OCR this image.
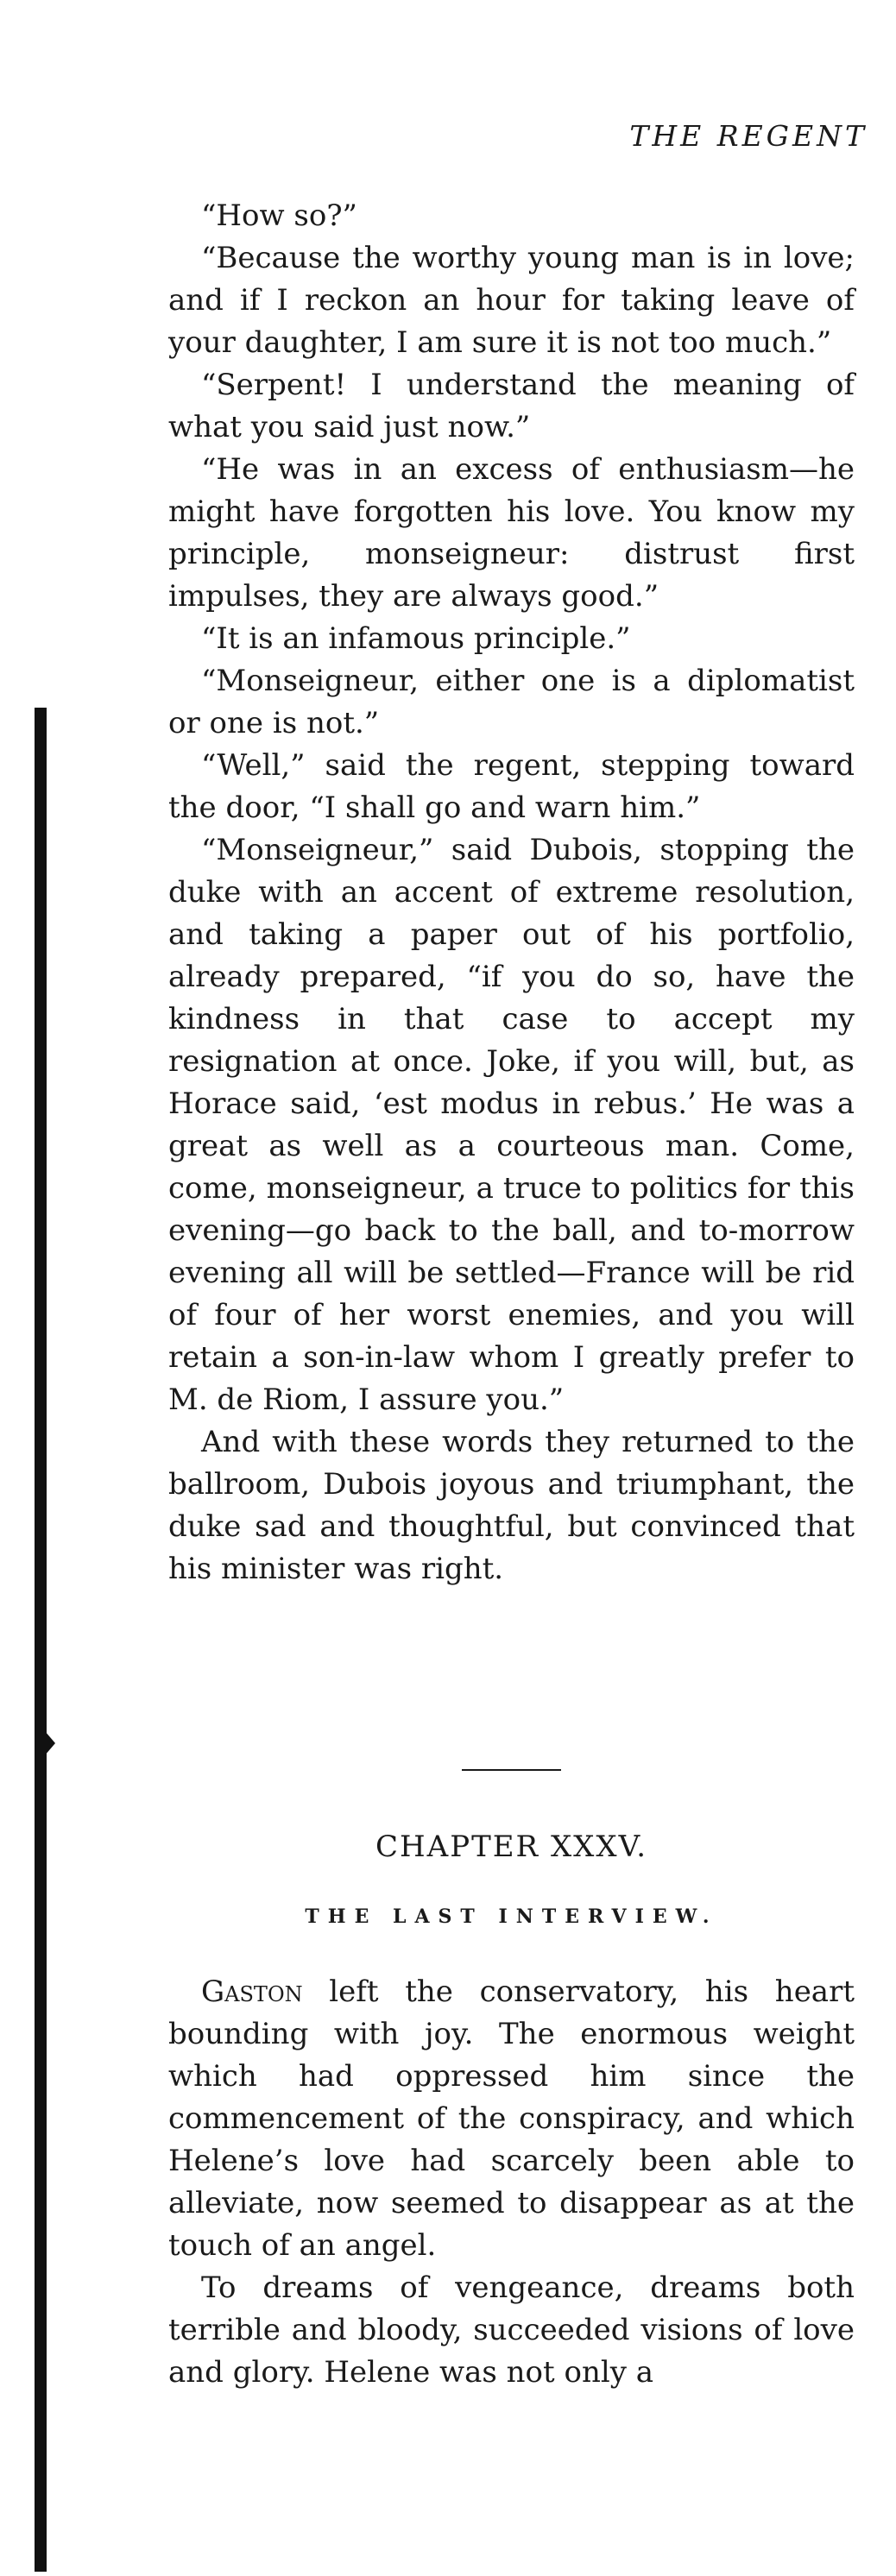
THE REGENT

“How so?”

“Because the worthy young man is in love; and if I reckon an hour for taking leave of your daughter, I am sure it is not too much.”

“Serpent! I understand the meaning of what you said just now.”

“He was in an excess of enthusiasm—he might have forgotten his love. You know my principle, monseigneur: distrust first impulses, they are always good.”

“It is an infamous principle.”

“Monseigneur, either one is a diplomatist or one is not.”

“Well,” said the regent, stepping toward the door, “I shall go and warn him.”

“Monseigneur,” said Dubois, stopping the duke with an accent of extreme resolution, and taking a paper out of his portfolio, already prepared, “if you do so, have the kindness in that case to accept my resignation at once. Joke, if you will, but, as Horace said, ‘est modus in rebus.’ He was a great as well as a courteous man. Come, come, monseigneur, a truce to politics for this evening—go back to the ball, and to-morrow evening all will be settled—France will be rid of four of her worst enemies, and you will retain a son-in-law whom I greatly prefer to M. de Riom, I assure you.”

And with these words they returned to the ballroom, Dubois joyous and triumphant, the duke sad and thoughtful, but convinced that his minister was right.

CHAPTER XXXV.
THE LAST INTERVIEW.

Gaston left the conservatory, his heart bounding with joy. The enormous weight which had oppressed him since the commencement of the conspiracy, and which Helene’s love had scarcely been able to alleviate, now seemed to disappear as at the touch of an angel.

To dreams of vengeance, dreams both terrible and bloody, succeeded visions of love and glory. Helene was not only a
